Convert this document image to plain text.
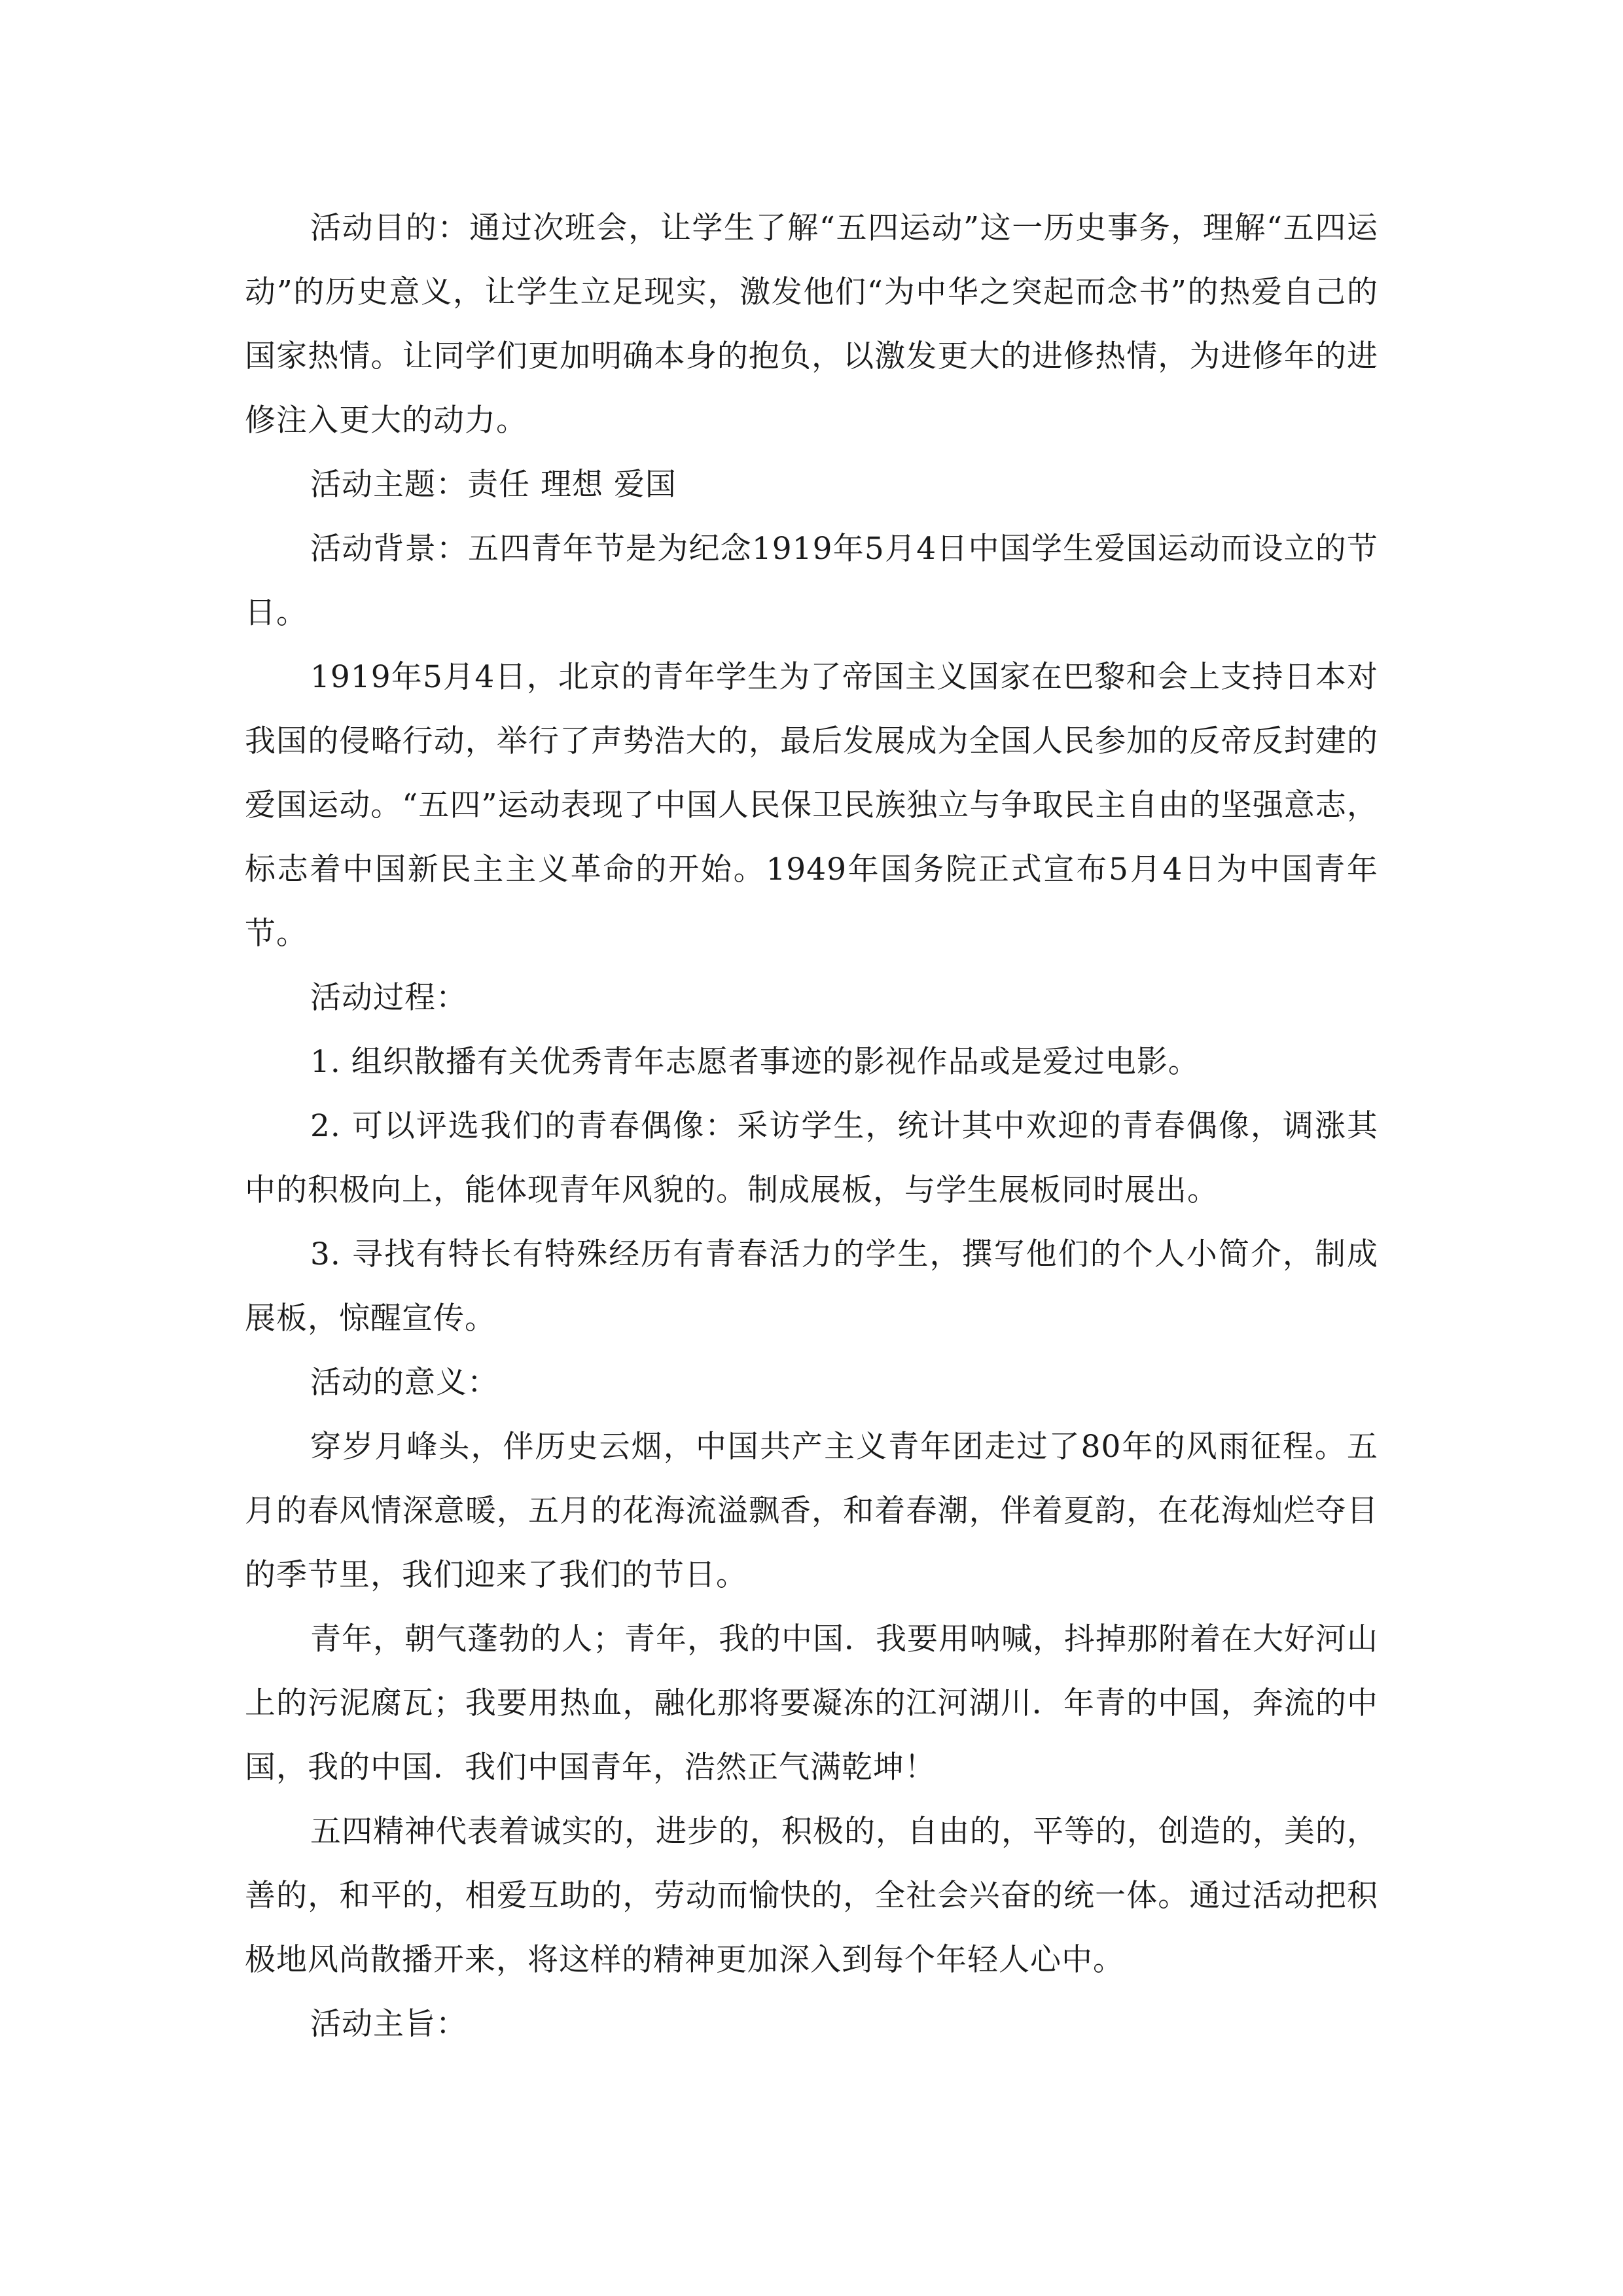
活动目的：通过次班会，让学生了解“五四运动”这一历史事务，理解“五四运动”的历史意义，让学生立足现实，激发他们“为中华之突起而念书”的热爱自己的国家热情。让同学们更加明确本身的抱负，以激发更大的进修热情，为进修年的进修注入更大的动力。

活动主题：责任 理想 爱国

活动背景：五四青年节是为纪念1919年5月4日中国学生爱国运动而设立的节日。

1919年5月4日，北京的青年学生为了帝国主义国家在巴黎和会上支持日本对我国的侵略行动，举行了声势浩大的，最后发展成为全国人民参加的反帝反封建的爱国运动。“五四”运动表现了中国人民保卫民族独立与争取民主自由的坚强意志，标志着中国新民主主义革命的开始。1949年国务院正式宣布5月4日为中国青年节。

活动过程：

1. 组织散播有关优秀青年志愿者事迹的影视作品或是爱过电影。

2. 可以评选我们的青春偶像：采访学生，统计其中欢迎的青春偶像，调涨其中的积极向上，能体现青年风貌的。制成展板，与学生展板同时展出。

3. 寻找有特长有特殊经历有青春活力的学生，撰写他们的个人小简介，制成展板，惊醒宣传。

活动的意义：

穿岁月峰头，伴历史云烟，中国共产主义青年团走过了80年的风雨征程。五月的春风情深意暖，五月的花海流溢飘香，和着春潮，伴着夏韵，在花海灿烂夺目的季节里，我们迎来了我们的节日。

青年，朝气蓬勃的人；青年，我的中国．我要用呐喊，抖掉那附着在大好河山上的污泥腐瓦；我要用热血，融化那将要凝冻的江河湖川．年青的中国，奔流的中国，我的中国．我们中国青年，浩然正气满乾坤！

五四精神代表着诚实的，进步的，积极的，自由的，平等的，创造的，美的，善的，和平的，相爱互助的，劳动而愉快的，全社会兴奋的统一体。通过活动把积极地风尚散播开来，将这样的精神更加深入到每个年轻人心中。

活动主旨：
